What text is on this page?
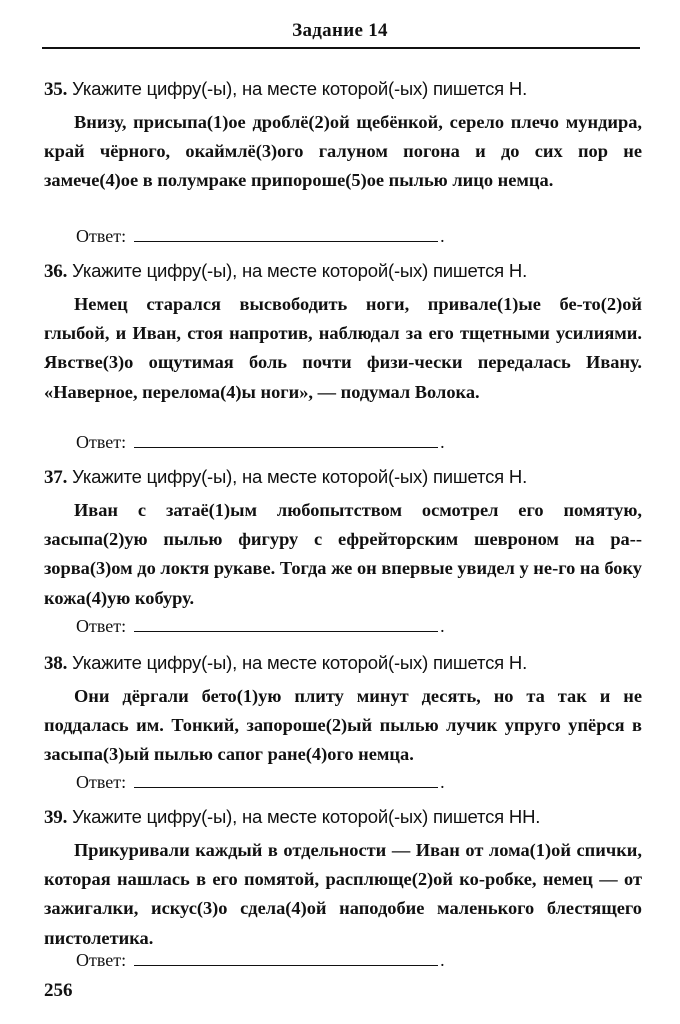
Задание 14
35. Укажите цифру(-ы), на месте которой(-ых) пишется Н.
Внизу, присыпа(1)ое дроблё(2)ой щебёнкой, серело плечо мундира, край чёрного, окаймлё(3)ого галуном погона и до сих пор не замече(4)ое в полумраке припороше(5)ое пылью лицо немца.
Ответ:	.
36. Укажите цифру(-ы), на месте которой(-ых) пишется Н.
Немец старался высвободить ноги, привале(1)ые бе-то(2)ой глыбой, и Иван, стоя напротив, наблюдал за его тщетными усилиями. Явстве(3)о ощутимая боль почти физи-чески передалась Ивану. «Наверное, перелома(4)ы ноги», — подумал Волока.
Ответ:	.
37. Укажите цифру(-ы), на месте которой(-ых) пишется Н.
Иван с затаё(1)ым любопытством осмотрел его помятую, засыпа(2)ую пылью фигуру с ефрейторским шевроном на ра-зорва(3)ом до локтя рукаве. Тогда же он впервые увидел у не-го на боку кожа(4)ую кобуру.
Ответ:	.
38. Укажите цифру(-ы), на месте которой(-ых) пишется Н.
Они дёргали бето(1)ую плиту минут десять, но та так и не поддалась им. Тонкий, запороше(2)ый пылью лучик упруго упёрся в засыпа(3)ый пылью сапог ране(4)ого немца.
Ответ:	.
39. Укажите цифру(-ы), на месте которой(-ых) пишется НН.
Прикуривали каждый в отдельности — Иван от лома(1)ой спички, которая нашлась в его помятой, расплюще(2)ой ко-робке, немец — от зажигалки, искус(3)о сдела(4)ой наподобие маленького блестящего пистолетика.
Ответ:	.
256
